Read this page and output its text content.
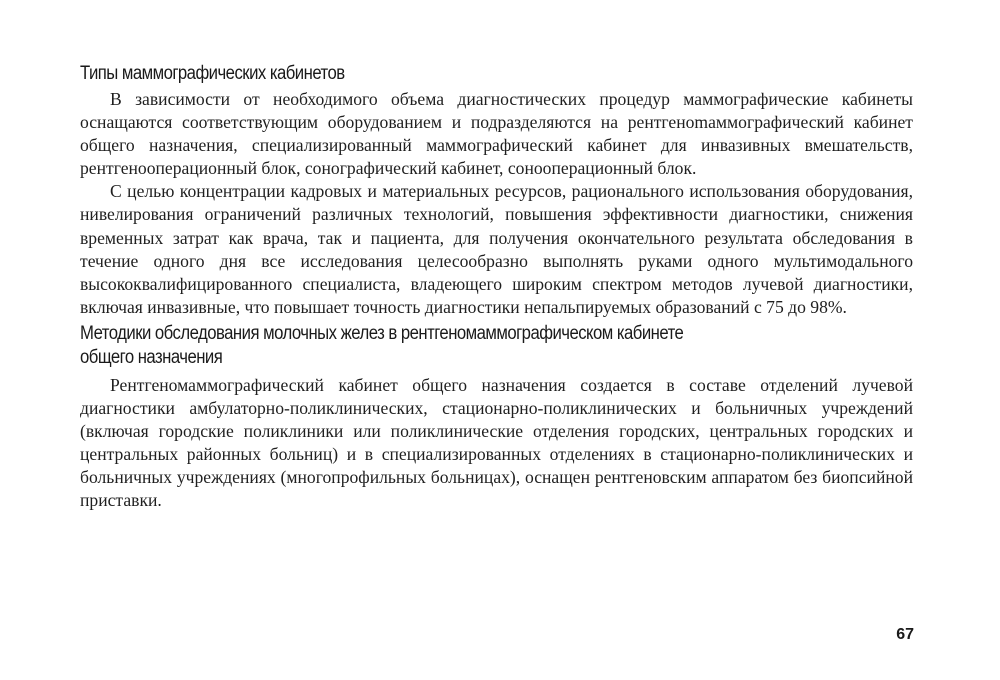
Типы маммографических кабинетов

В зависимости от необходимого объема диагностических процедур маммографические кабинеты оснащаются соответствующим оборудованием и подразделяются на рентгеноmаммографический кабинет общего назначения, специализированный маммографический кабинет для инвазивных вмешательств, рентгенооперационный блок, сонографический кабинет, сонооперационный блок.

С целью концентрации кадровых и материальных ресурсов, рационального использования оборудования, нивелирования ограничений различных технологий, повышения эффективности диагностики, снижения временных затрат как врача, так и пациента, для получения окончательного результата обследования в течение одного дня все исследования целесообразно выполнять руками одного мультимодального высококвалифицированного специалиста, владеющего широким спектром методов лучевой диагностики, включая инвазивные, что повышает точность диагностики непальпируемых образований с 75 до 98%.

Методики обследования молочных желез в рентгеномаммографическом кабинете
общего назначения

Рентгеномаммографический кабинет общего назначения создается в составе отделений лучевой диагностики амбулаторно-поликлинических, стационарно-поликлинических и больничных учреждений (включая городские поликлиники или поликлинические отделения городских, центральных городских и центральных районных больниц) и в специализированных отделениях в стационарно-поликлинических и больничных учреждениях (многопрофильных больницах), оснащен рентгеновским аппаратом без биопсийной приставки.

67
